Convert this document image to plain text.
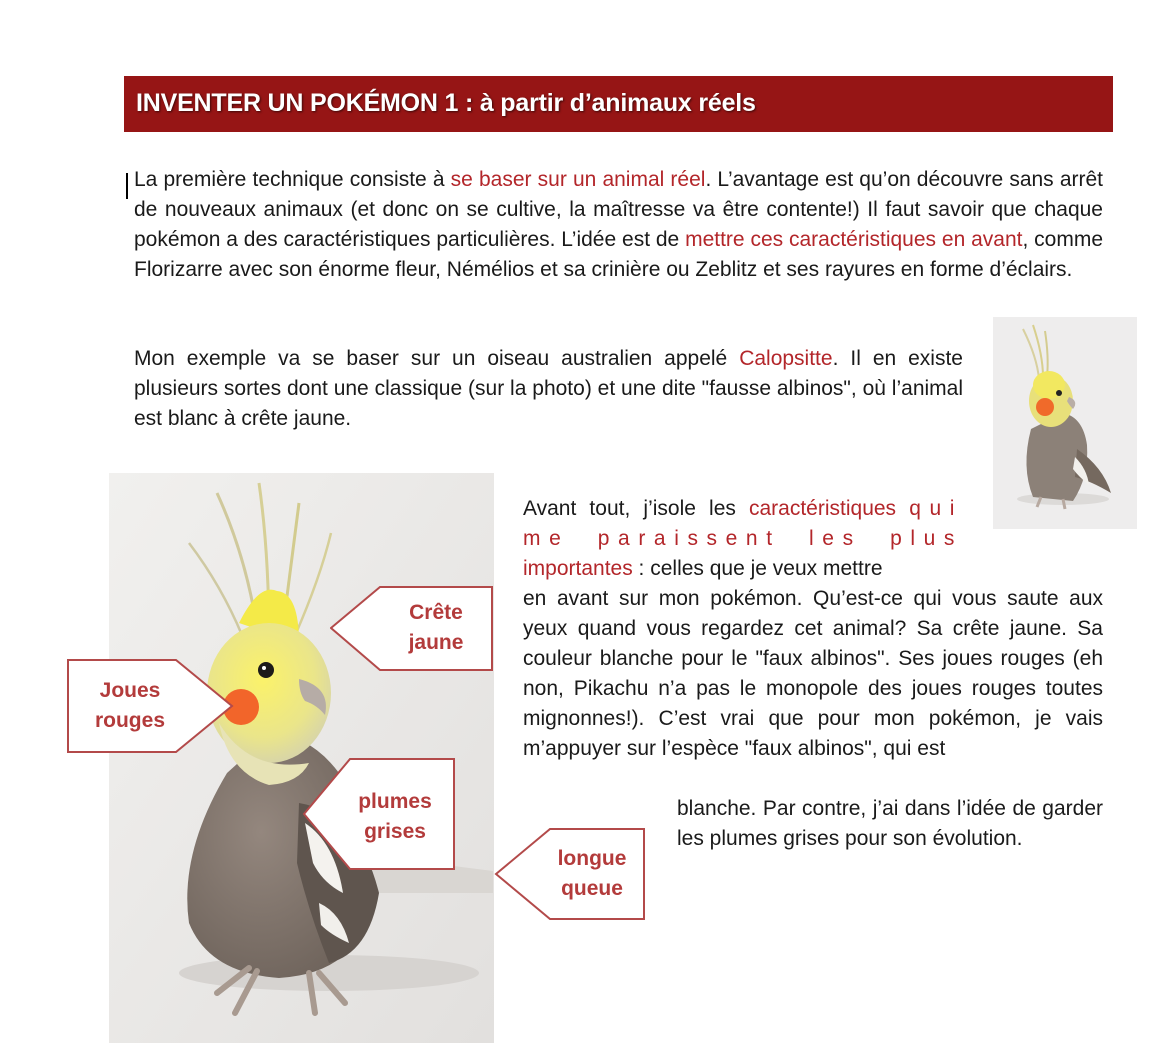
INVENTER UN POKÉMON 1 : à partir d’animaux réels
La première technique consiste à se baser sur un animal réel. L’avantage est qu’on découvre sans arrêt de nouveaux animaux (et donc on se cultive, la maîtresse va être contente!) Il faut savoir que chaque pokémon a des caractéristiques particulières. L’idée est de mettre ces caractéristiques en avant, comme Florizarre avec son énorme fleur, Némélios et sa crinière ou Zeblitz et ses rayures en forme d’éclairs.
Mon exemple va se baser sur un oiseau australien appelé Calopsitte. Il en existe plusieurs sortes dont une classique (sur la photo) et une dite "fausse albinos", où l’animal est blanc à crête jaune.
Avant tout, j’isole les caractéristiques qui me paraissent les plus importantes : celles que je veux mettre
en avant sur mon pokémon. Qu’est-ce qui vous saute aux yeux quand vous regardez cet animal? Sa crête jaune. Sa couleur blanche pour le "faux albinos". Ses joues rouges (eh non, Pikachu n’a pas le monopole des joues rouges toutes mignonnes!). C’est vrai que pour mon pokémon, je vais m’appuyer sur l’espèce "faux albinos", qui est
blanche. Par contre, j’ai dans l’idée de garder les plumes grises pour son évolution.
Crête
jaune
Joues
rouges
plumes
grises
longue
queue
